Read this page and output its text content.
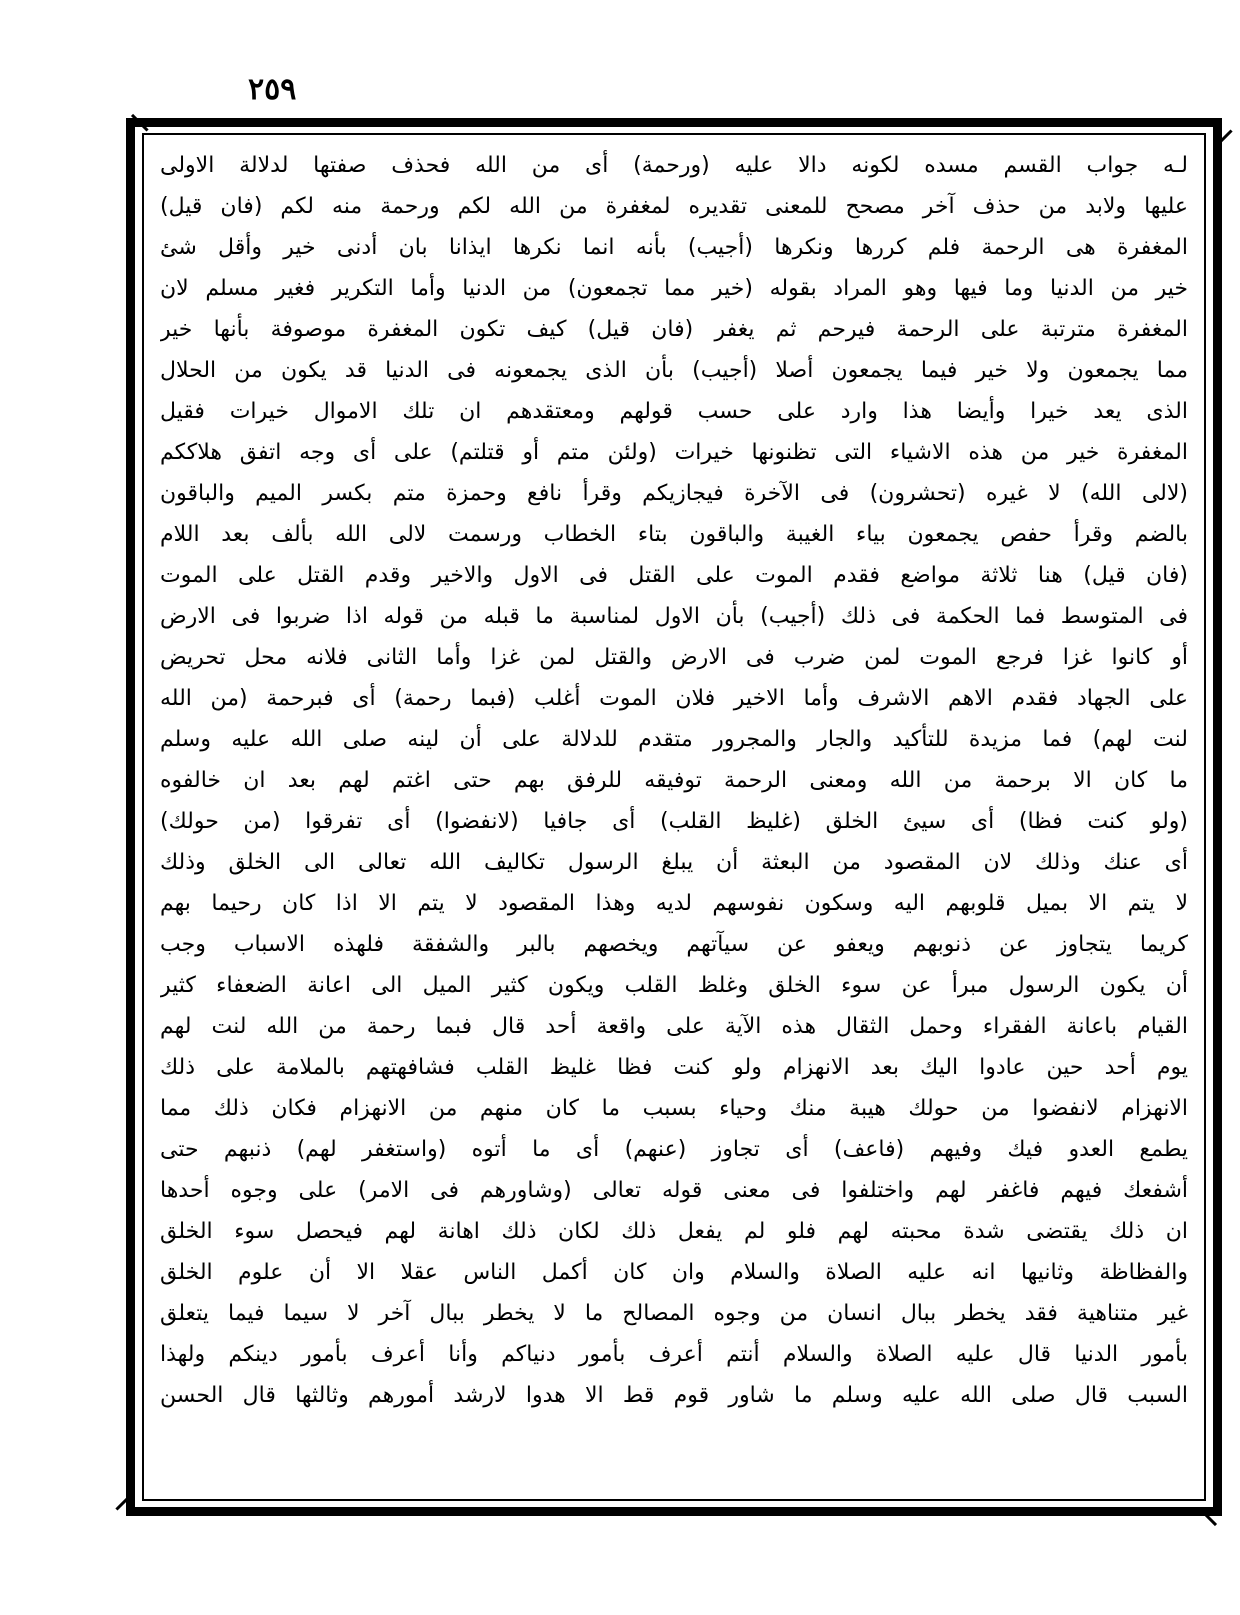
٢٥٩
لـه جواب القسم مسده لكونه دالا عليه (ورحمة) أى من الله فحذف صفتها لدلالة الاولى
عليها ولابد من حذف آخر مصحح للمعنى تقديره لمغفرة من الله لكم ورحمة منه لكم (فان قيل)
المغفرة هى الرحمة فلم كررها ونكرها (أجيب) بأنه انما نكرها ايذانا بان أدنى خير وأقل شئ
خير من الدنيا وما فيها وهو المراد بقوله (خير مما تجمعون) من الدنيا وأما التكرير فغير مسلم لان
المغفرة مترتبة على الرحمة فيرحم ثم يغفر (فان قيل) كيف تكون المغفرة موصوفة بأنها خير
مما يجمعون ولا خير فيما يجمعون أصلا (أجيب) بأن الذى يجمعونه فى الدنيا قد يكون من الحلال
الذى يعد خيرا وأيضا هذا وارد على حسب قولهم ومعتقدهم ان تلك الاموال خيرات فقيل
المغفرة خير من هذه الاشياء التى تظنونها خيرات (ولئن متم أو قتلتم) على أى وجه اتفق هلاككم
(لالى الله) لا غيره (تحشرون) فى الآخرة فيجازيكم وقرأ نافع وحمزة متم بكسر الميم والباقون
بالضم وقرأ حفص يجمعون بياء الغيبة والباقون بتاء الخطاب ورسمت لالى الله بألف بعد اللام
(فان قيل) هنا ثلاثة مواضع فقدم الموت على القتل فى الاول والاخير وقدم القتل على الموت
فى المتوسط فما الحكمة فى ذلك (أجيب) بأن الاول لمناسبة ما قبله من قوله اذا ضربوا فى الارض
أو كانوا غزا فرجع الموت لمن ضرب فى الارض والقتل لمن غزا وأما الثانى فلانه محل تحريض
على الجهاد فقدم الاهم الاشرف وأما الاخير فلان الموت أغلب (فبما رحمة) أى فبرحمة (من الله
لنت لهم) فما مزيدة للتأكيد والجار والمجرور متقدم للدلالة على أن لينه صلى الله عليه وسلم
ما كان الا برحمة من الله ومعنى الرحمة توفيقه للرفق بهم حتى اغتم لهم بعد ان خالفوه
(ولو كنت فظا) أى سيئ الخلق (غليظ القلب) أى جافيا (لانفضوا) أى تفرقوا (من حولك)
أى عنك وذلك لان المقصود من البعثة أن يبلغ الرسول تكاليف الله تعالى الى الخلق وذلك
لا يتم الا بميل قلوبهم اليه وسكون نفوسهم لديه وهذا المقصود لا يتم الا اذا كان رحيما بهم
كريما يتجاوز عن ذنوبهم ويعفو عن سيآتهم ويخصهم بالبر والشفقة فلهذه الاسباب وجب
أن يكون الرسول مبرأ عن سوء الخلق وغلظ القلب ويكون كثير الميل الى اعانة الضعفاء كثير
القيام باعانة الفقراء وحمل الثقال هذه الآية على واقعة أحد قال فبما رحمة من الله لنت لهم
يوم أحد حين عادوا اليك بعد الانهزام ولو كنت فظا غليظ القلب فشافهتهم بالملامة على ذلك
الانهزام لانفضوا من حولك هيبة منك وحياء بسبب ما كان منهم من الانهزام فكان ذلك مما
يطمع العدو فيك وفيهم (فاعف) أى تجاوز (عنهم) أى ما أتوه (واستغفر لهم) ذنبهم حتى
أشفعك فيهم فاغفر لهم واختلفوا فى معنى قوله تعالى (وشاورهم فى الامر) على وجوه أحدها
ان ذلك يقتضى شدة محبته لهم فلو لم يفعل ذلك لكان ذلك اهانة لهم فيحصل سوء الخلق
والفظاظة وثانيها انه عليه الصلاة والسلام وان كان أكمل الناس عقلا الا أن علوم الخلق
غير متناهية فقد يخطر ببال انسان من وجوه المصالح ما لا يخطر ببال آخر لا سيما فيما يتعلق
بأمور الدنيا قال عليه الصلاة والسلام أنتم أعرف بأمور دنياكم وأنا أعرف بأمور دينكم ولهذا
السبب قال صلى الله عليه وسلم ما شاور قوم قط الا هدوا لارشد أمورهم وثالثها قال الحسن
